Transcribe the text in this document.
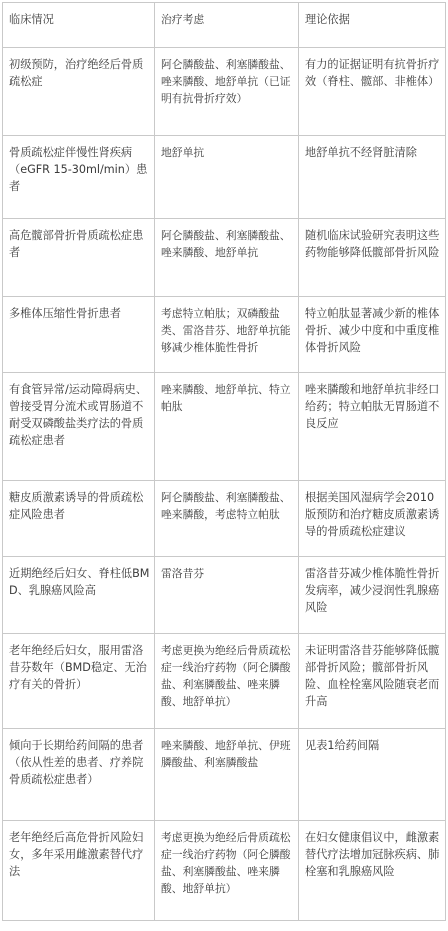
临床情况	治疗考虑	理论依据
初级预防，治疗绝经后骨质疏松症	阿仑膦酸盐、利塞膦酸盐、唑来膦酸、地舒单抗（已证明有抗骨折疗效）	有力的证据证明有抗骨折疗效（脊柱、髋部、非椎体）
骨质疏松症伴慢性肾疾病（eGFR 15-30ml/min）患者	地舒单抗	地舒单抗不经肾脏清除
高危髋部骨折骨质疏松症患者	阿仑膦酸盐、利塞膦酸盐、唑来膦酸、地舒单抗	随机临床试验研究表明这些药物能够降低髋部骨折风险
多椎体压缩性骨折患者	考虑特立帕肽；双磷酸盐类、雷洛昔芬、地舒单抗能够减少椎体脆性骨折	特立帕肽显著减少新的椎体骨折、减少中度和中重度椎体骨折风险
有食管异常/运动障碍病史、曾接受胃分流术或胃肠道不耐受双磷酸盐类疗法的骨质疏松症患者	唑来膦酸、地舒单抗、特立帕肽	唑来膦酸和地舒单抗非经口给药；特立帕肽无胃肠道不良反应
糖皮质激素诱导的骨质疏松症风险患者	阿仑膦酸盐、利塞膦酸盐、唑来膦酸，考虑特立帕肽	根据美国风湿病学会2010版预防和治疗糖皮质激素诱导的骨质疏松症建议
近期绝经后妇女、脊柱低BMD、乳腺癌风险高	雷洛昔芬	雷洛昔芬减少椎体脆性骨折发病率，减少浸润性乳腺癌风险
老年绝经后妇女，服用雷洛昔芬数年（BMD稳定、无治疗有关的骨折）	考虑更换为绝经后骨质疏松症一线治疗药物（阿仑膦酸盐、利塞膦酸盐、唑来膦酸、地舒单抗）	未证明雷洛昔芬能够降低髋部骨折风险；髋部骨折风险、血栓栓塞风险随衰老而升高
倾向于长期给药间隔的患者（依从性差的患者、疗养院骨质疏松症患者）	唑来膦酸、地舒单抗、伊班膦酸盐、利塞膦酸盐	见表1给药间隔
老年绝经后高危骨折风险妇女，多年采用雌激素替代疗法	考虑更换为绝经后骨质疏松症一线治疗药物（阿仑膦酸盐、利塞膦酸盐、唑来膦酸、地舒单抗）	在妇女健康倡议中，雌激素替代疗法增加冠脉疾病、肺栓塞和乳腺癌风险
